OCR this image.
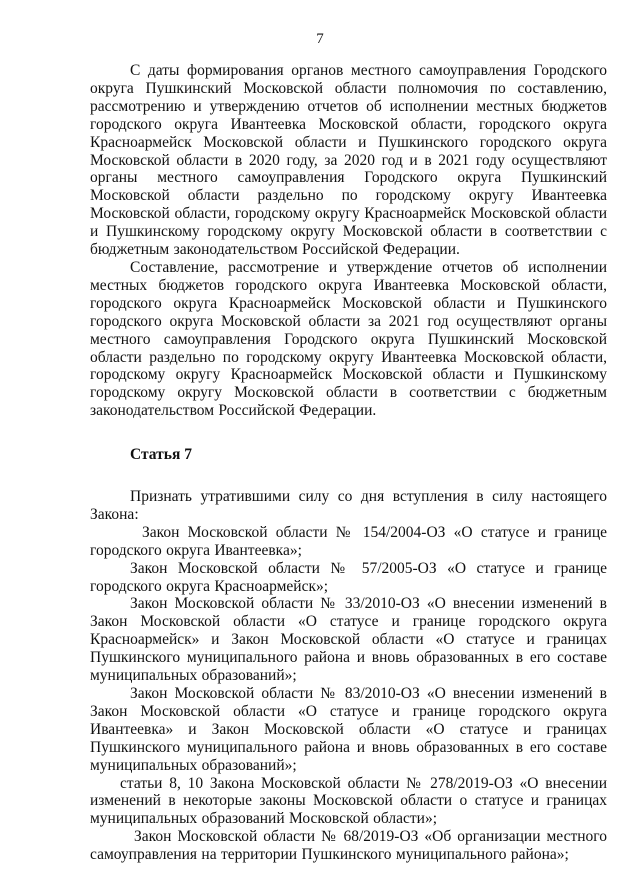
7

С даты формирования органов местного самоуправления Городского округа Пушкинский Московской области полномочия по составлению, рассмотрению и утверждению отчетов об исполнении местных бюджетов городского округа Ивантеевка Московской области, городского округа Красноармейск Московской области и Пушкинского городского округа Московской области в 2020 году, за 2020 год и в 2021 году осуществляют органы местного самоуправления Городского округа Пушкинский Московской области раздельно по городскому округу Ивантеевка Московской области, городскому округу Красноармейск Московской области и Пушкинскому городскому округу Московской области в соответствии с бюджетным законодательством Российской Федерации.

Составление, рассмотрение и утверждение отчетов об исполнении местных бюджетов городского округа Ивантеевка Московской области, городского округа Красноармейск Московской области и Пушкинского городского округа Московской области за 2021 год осуществляют органы местного самоуправления Городского округа Пушкинский Московской области раздельно по городскому округу Ивантеевка Московской области, городскому округу Красноармейск Московской области и Пушкинскому городскому округу Московской области в соответствии с бюджетным законодательством Российской Федерации.

Статья 7

Признать утратившими силу со дня вступления в силу настоящего Закона:

Закон Московской области № 154/2004-ОЗ «О статусе и границе городского округа Ивантеевка»;

Закон Московской области № 57/2005-ОЗ «О статусе и границе городского округа Красноармейск»;

Закон Московской области № 33/2010-ОЗ «О внесении изменений в Закон Московской области «О статусе и границе городского округа Красноармейск» и Закон Московской области «О статусе и границах Пушкинского муниципального района и вновь образованных в его составе муниципальных образований»;

Закон Московской области № 83/2010-ОЗ «О внесении изменений в Закон Московской области «О статусе и границе городского округа Ивантеевка» и Закон Московской области «О статусе и границах Пушкинского муниципального района и вновь образованных в его составе муниципальных образований»;

статьи 8, 10 Закона Московской области № 278/2019-ОЗ «О внесении изменений в некоторые законы Московской области о статусе и границах муниципальных образований Московской области»;

Закон Московской области № 68/2019-ОЗ «Об организации местного самоуправления на территории Пушкинского муниципального района»;
